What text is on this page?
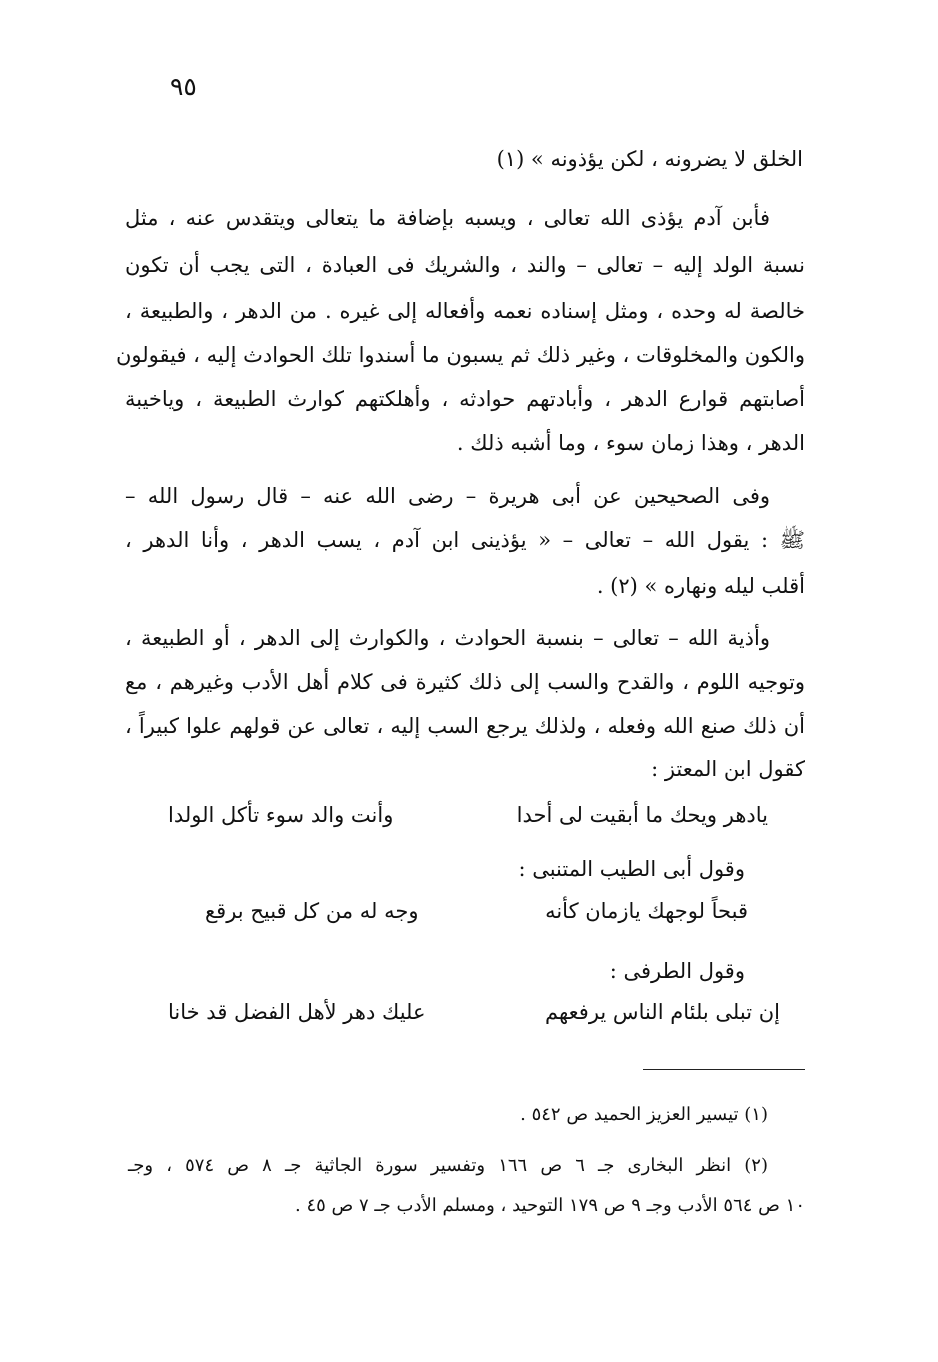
٩٥
الخلق لا يضرونه ، لكن يؤذونه » (١)
فأبن آدم يؤذى الله تعالى ، ويسبه بإضافة ما يتعالى ويتقدس عنه ، مثل
نسبة الولد إليه – تعالى – والند ، والشريك فى العبادة ، التى يجب أن تكون
خالصة له وحده ، ومثل إسناده نعمه وأفعاله إلى غيره . من الدهر ، والطبيعة ،
والكون والمخلوقات ، وغير ذلك ثم يسبون ما أسندوا تلك الحوادث إليه ، فيقولون
أصابتهم قوارع الدهر ، وأبادتهم حوادثه ، وأهلكتهم كوارث الطبيعة ، وياخيبة
الدهر ، وهذا زمان سوء ، وما أشبه ذلك .
وفى الصحيحين عن أبى هريرة – رضى الله عنه – قال رسول الله –
ﷺ : يقول الله – تعالى – « يؤذينى ابن آدم ، يسب الدهر ، وأنا الدهر ،
أقلب ليله ونهاره » (٢) .
وأذية الله – تعالى – بنسبة الحوادث ، والكوارث إلى الدهر ، أو الطبيعة ،
وتوجيه اللوم ، والقدح والسب إلى ذلك كثيرة فى كلام أهل الأدب وغيرهم ، مع
أن ذلك صنع الله وفعله ، ولذلك يرجع السب إليه ، تعالى عن قولهم علوا كبيراً ،
كقول ابن المعتز :
يادهر ويحك ما أبقيت لى أحدا
وأنت والد سوء تأكل الولدا
وقول أبى الطيب المتنبى :
قبحاً لوجهك يازمان كأنه
وجه له من كل قبيح برقع
وقول الطرفى :
إن تبلى بلئام الناس يرفعهم
عليك دهر لأهل الفضل قد خانا
(١) تيسير العزيز الحميد ص ٥٤٢ .
(٢) انظر البخارى جـ ٦ ص ١٦٦ وتفسير سورة الجاثية جـ ٨ ص ٥٧٤ ، وجـ
١٠ ص ٥٦٤ الأدب وجـ ٩ ص ١٧٩ التوحيد ، ومسلم الأدب جـ ٧ ص ٤٥ .
